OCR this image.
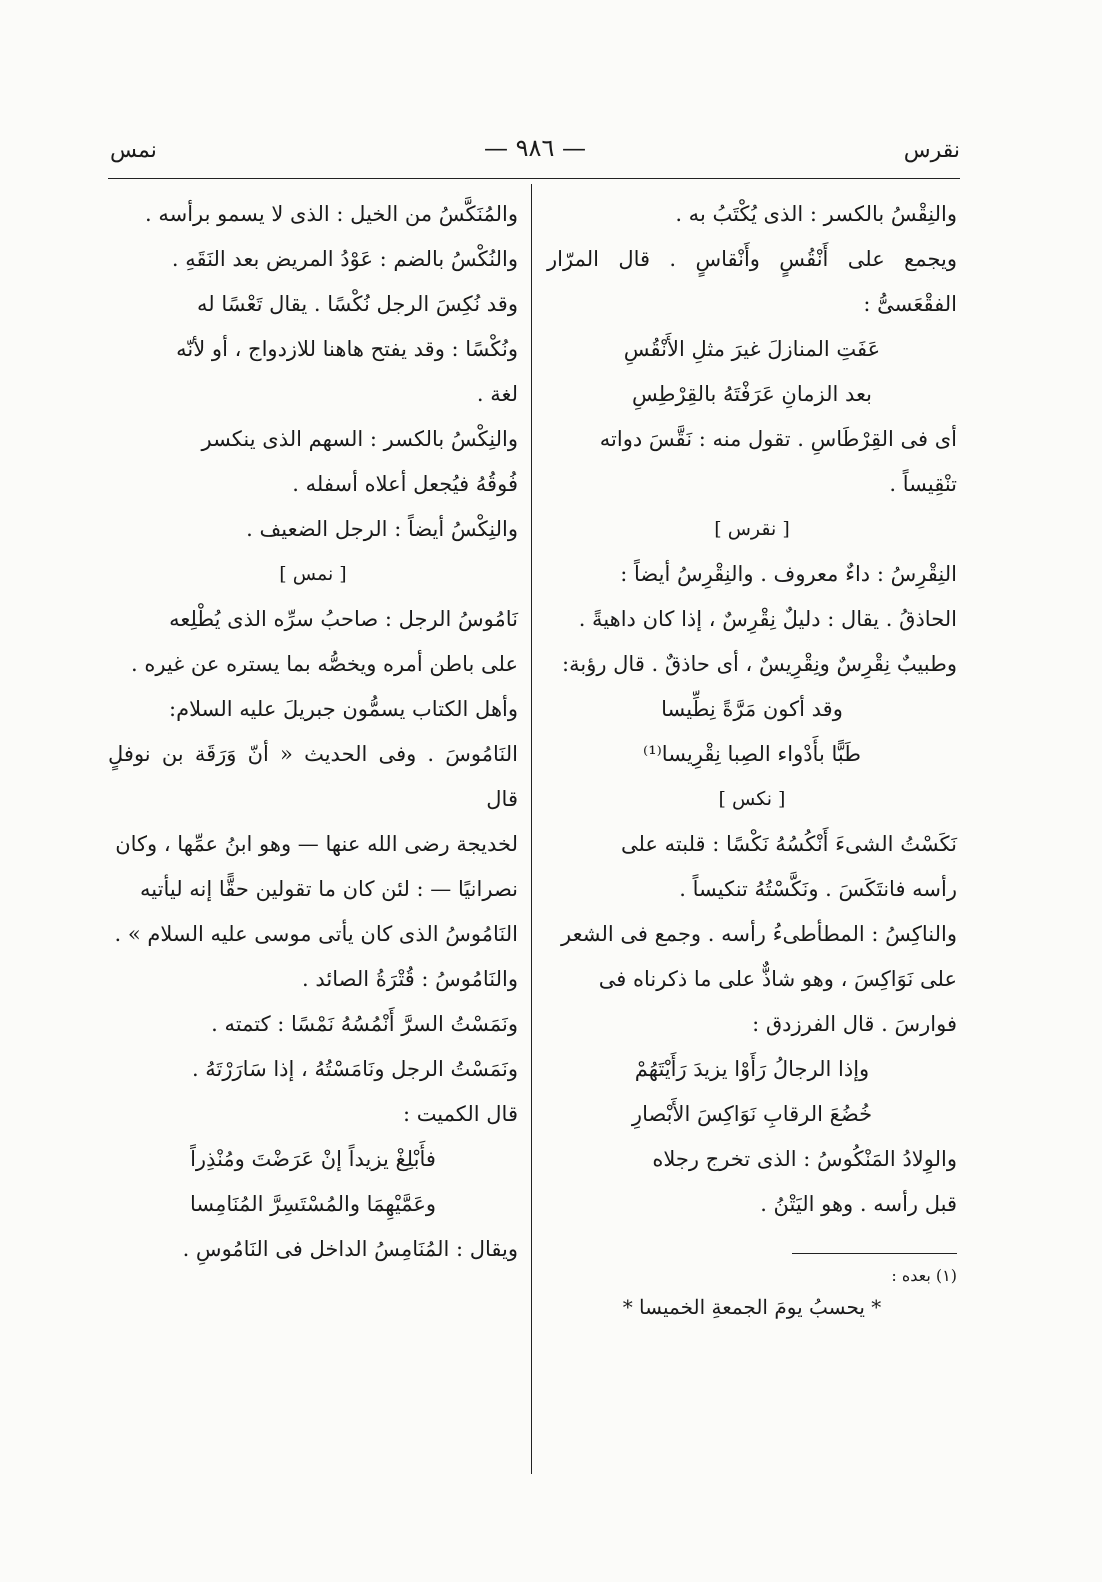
نقرس
— ٩٨٦ —
نمس

والنِقْسُ بالكسر : الذى يُكْتَبُ به .

ويجمع على أَنْقُسٍ وأَنْقاسٍ . قال المرّار الفقْعَسىُّ :

عَفَتِ المنازلَ غيرَ مثلِ الأَنْقُسِ

بعد الزمانِ عَرَفْتَهُ بالقِرْطِسِ

أى فى القِرْطَاسِ . تقول منه : نَقَّسَ دواته

تنْقِيساً .

[ نقرس ]

النِقْرِسُ : داءٌ معروف . والنِقْرِسُ أيضاً :

الحاذقُ . يقال : دليلٌ نِقْرِسٌ ، إذا كان داهيةً .

وطبيبٌ نِقْرِسٌ ونِقْرِيسٌ ، أى حاذقٌ . قال رؤبة:

وقد أكون مَرَّةً نِطِّيسا

طَبًّا بأَدْواء الصِبا نِقْرِيسا⁽¹⁾

[ نكس ]

نَكَسْتُ الشىءَ أَنْكُسُهُ نَكْسًا : قلبته على

رأسه فانتَكَسَ . ونَكَّسْتُهُ تنكيساً .

والناكِسُ : المطأطىءُ رأسه . وجمع فى الشعر

على نَوَاكِسَ ، وهو شاذٌّ على ما ذكرناه فى

فوارسَ . قال الفرزدق :

وإذا الرجالُ رَأَوْا يزيدَ رَأَيْتَهُمْ

خُضُعَ الرقابِ نَوَاكِسَ الأَبْصارِ

والوِلادُ المَنْكُوسُ : الذى تخرج رجلاه

قبل رأسه . وهو اليَتْنُ .

(١) بعده :

* يحسبُ يومَ الجمعةِ الخميسا *

والمُنَكَّسُ من الخيل : الذى لا يسمو برأسه .

والنُكْسُ بالضم : عَوْدُ المريض بعد النَقَهِ .

وقد نُكِسَ الرجل نُكْسًا . يقال تَعْسًا له

ونُكْسًا : وقد يفتح هاهنا للازدواج ، أو لأنّه

لغة .

والنِكْسُ بالكسر : السهم الذى ينكسر

فُوقُهُ فيُجعل أعلاه أسفله .

والنِكْسُ أيضاً : الرجل الضعيف .

[ نمس ]

نَامُوسُ الرجل : صاحبُ سرِّه الذى يُطْلِعه

على باطن أمره ويخصُّه بما يستره عن غيره .

وأهل الكتاب يسمُّون جبريلَ عليه السلام:

النَامُوسَ . وفى الحديث « أنّ وَرَقَة بن نوفلٍ قال

لخديجة رضى الله عنها — وهو ابنُ عمِّها ، وكان

نصرانيًا — : لئن كان ما تقولين حقًّا إنه ليأتيه

النَامُوسُ الذى كان يأتى موسى عليه السلام » .

والنَامُوسُ : قُتْرَةُ الصائد .

ونَمَسْتُ السرَّ أَنْمُسُهُ نَمْسًا : كتمته .

ونَمَسْتُ الرجل ونَامَسْتُهُ ، إذا سَارَرْتَهُ .

قال الكميت :

فأَبْلِغْ يزيداً إنْ عَرَضْتَ ومُنْذِراً

وعَمَّيْهِمَا والمُسْتَسِرَّ المُنَامِسا

ويقال : المُنَامِسُ الداخل فى النَامُوسِ .
